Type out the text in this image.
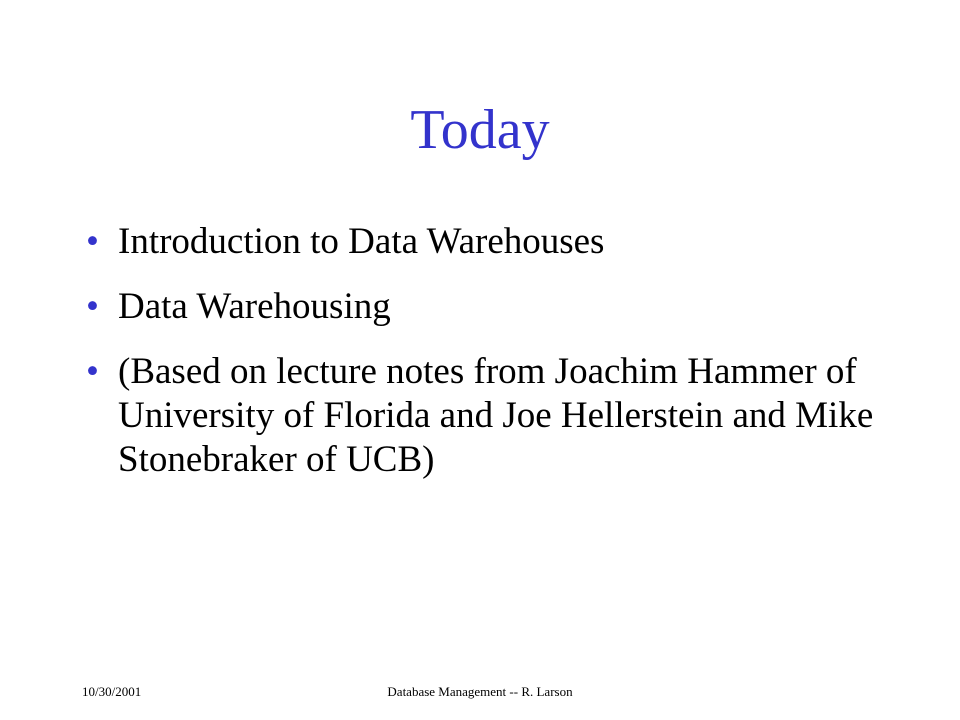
Today
• Introduction to Data Warehouses
• Data Warehousing
• (Based on lecture notes from Joachim Hammer of University of Florida and Joe Hellerstein and Mike Stonebraker of UCB)
10/30/2001	Database Management -- R. Larson
